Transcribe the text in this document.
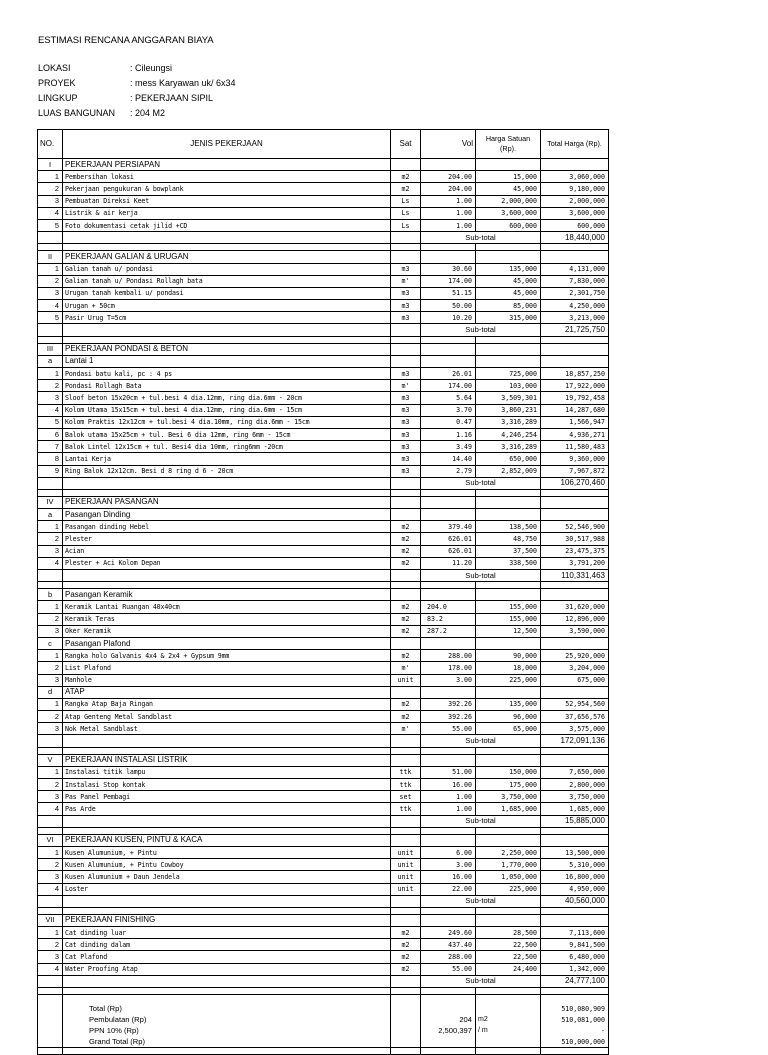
ESTIMASI RENCANA ANGGARAN BIAYA
LOKASI	: Cileungsi
PROYEK	: mess Karyawan uk/ 6x34
LINGKUP	: PEKERJAAN SIPIL
LUAS BANGUNAN : 204 M2
NO.	JENIS PEKERJAAN	Sat	Vol	Harga Satuan (Rp).	Total Harga (Rp).
I	PEKERJAAN PERSIAPAN				
1	Pembersihan lokasi	m2	204.00	15,000	3,060,000
2	Pekerjaan pengukuran & bowplank	m2	204.00	45,000	9,180,000
3	Pembuatan Direksi Keet	Ls	1.00	2,000,000	2,000,000
4	Listrik & air kerja	Ls	1.00	3,600,000	3,600,000
5	Foto dokumentasi cetak jilid +CD	Ls	1.00	600,000	600,000
			Sub-total		18,440,000

II	PEKERJAAN GALIAN & URUGAN				
1	Galian tanah u/ pondasi	m3	30.60	135,000	4,131,000
2	Galian tanah u/ Pondasi Rollagh bata	m'	174.00	45,000	7,830,000
3	Urugan tanah kembali u/ pondasi	m3	51.15	45,000	2,301,750
4	Urugan + 50cm	m3	50.00	85,000	4,250,000
5	Pasir Urug T=5cm	m3	10.20	315,000	3,213,000
			Sub-total		21,725,750

III	PEKERJAAN PONDASI & BETON				
a	Lantai 1				
1	Pondasi batu kali, pc : 4 ps	m3	26.01	725,000	18,857,250
2	Pondasi Rollagh Bata	m'	174.00	103,000	17,922,000
3	Sloof beton 15x20cm + tul.besi 4 dia.12mm, ring dia.6mm - 20cm	m3	5.64	3,509,301	19,792,458
4	Kolom Utama 15x15cm + tul.besi 4 dia.12mm, ring dia.6mm - 15cm	m3	3.70	3,860,231	14,287,680
5	Kolom Praktis 12x12cm + tul.besi 4 dia.10mm, ring dia.6mm - 15cm	m3	0.47	3,316,289	1,566,947
6	Balok utama 15x25cm + tul. Besi 6 dia 12mm, ring 6mm - 15cm	m3	1.16	4,246,254	4,936,271
7	Balok Lintel 12x15cm + tul. Besi4 dia 10mm, ring6mm -20cm	m3	3.49	3,316,289	11,580,483
8	Lantai Kerja	m3	14.40	650,000	9,360,000
9	Ring Balok 12x12cm. Besi d 8 ring d 6 - 20cm	m3	2.79	2,852,009	7,967,872
			Sub-total		106,270,460

IV	PEKERJAAN PASANGAN				
a	Pasangan Dinding				
1	Pasangan dinding Hebel	m2	379.40	138,500	52,546,900
2	Plester	m2	626.01	48,750	30,517,988
3	Acian	m2	626.01	37,500	23,475,375
4	Plester + Aci Kolom Depan	m2	11.20	338,500	3,791,200
			Sub-total		110,331,463

b	Pasangan Keramik				
1	Keramik Lantai Ruangan 40x40cm	m2	204.0	155,000	31,620,000
2	Keramik Teras	m2	83.2	155,000	12,896,000
3	Oker Keramik	m2	287.2	12,500	3,590,000
c	Pasangan Plafond				
1	Rangka holo Galvanis 4x4 & 2x4 + Gypsum 9mm	m2	288.00	90,000	25,920,000
2	List Plafond	m'	178.00	18,000	3,204,000
3	Manhole	unit	3.00	225,000	675,000
d	ATAP				
1	Rangka Atap Baja Ringan	m2	392.26	135,000	52,954,560
2	Atap Genteng Metal Sandblast	m2	392.26	96,000	37,656,576
3	Nok Metal Sandblast	m'	55.00	65,000	3,575,000
			Sub-total		172,091,136

V	PEKERJAAN INSTALASI LISTRIK				
1	Instalasi titik lampu	ttk	51.00	150,000	7,650,000
2	Instalasi Stop kontak	ttk	16.00	175,000	2,800,000
3	Pas Panel Pembagi	set	1.00	3,750,000	3,750,000
4	Pas Arde	ttk	1.00	1,685,000	1,685,000
			Sub-total		15,885,000

VI	PEKERJAAN KUSEN, PINTU & KACA				
1	Kusen Alumunium, + Pintu	unit	6.00	2,250,000	13,500,000
2	Kusen Alumunium, + Pintu Cowboy	unit	3.00	1,770,000	5,310,000
3	Kusen Alumunium + Daun Jendela	unit	16.00	1,050,000	16,800,000
4	Loster	unit	22.00	225,000	4,950,000
			Sub-total		40,560,000

VII	PEKERJAAN FINISHING				
1	Cat dinding luar	m2	249.60	28,500	7,113,600
2	Cat dinding dalam	m2	437.40	22,500	9,841,500
3	Cat Plafond	m2	288.00	22,500	6,480,000
4	Water Proofing Atap	m2	55.00	24,400	1,342,000
			Sub-total		24,777,100

	Total (Rp)				510,080,909
	Pembulatan (Rp)		204	m2	510,081,000
	PPN 10% (Rp)		2,500,397	/ m	-
	Grand Total (Rp)				510,000,000
